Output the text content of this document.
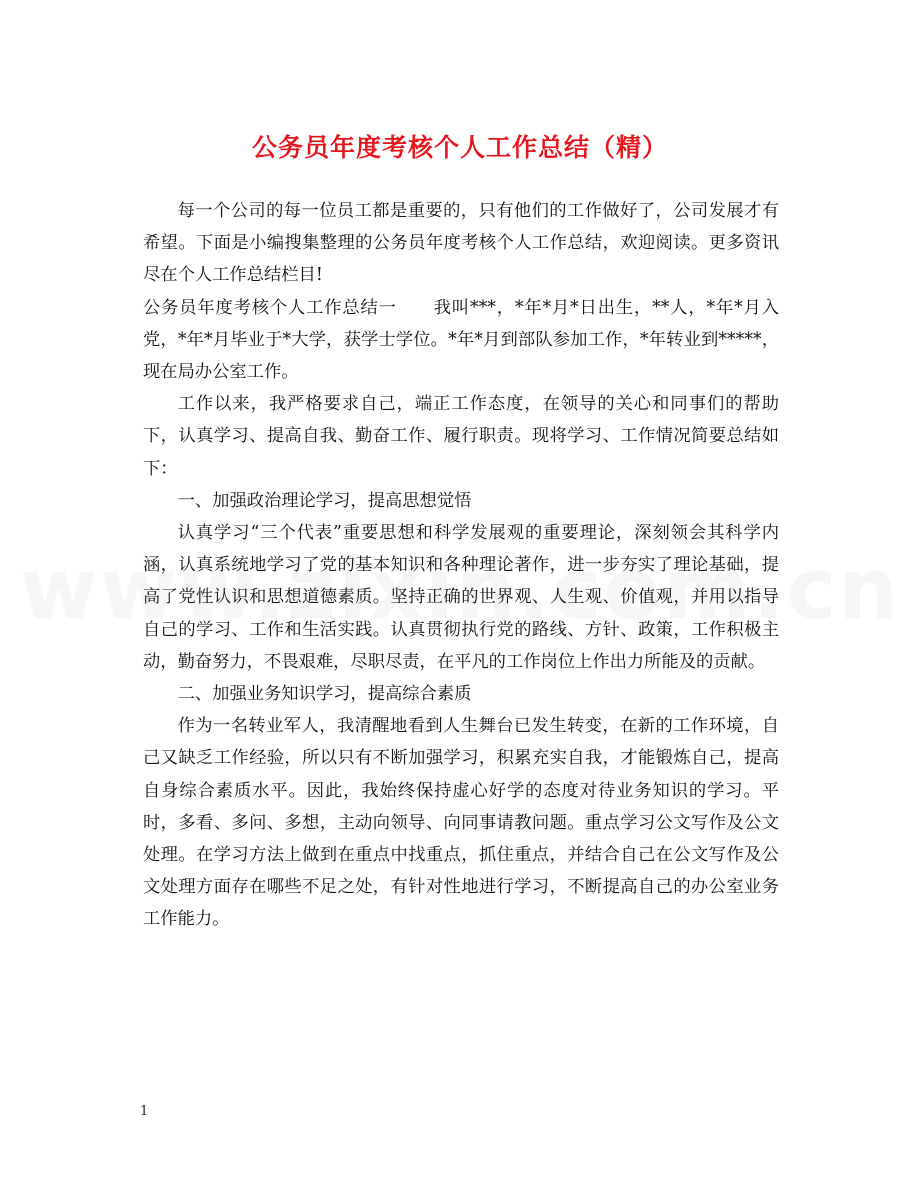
公务员年度考核个人工作总结（精）

每一个公司的每一位员工都是重要的，只有他们的工作做好了，公司发展才有希望。下面是小编搜集整理的公务员年度考核个人工作总结，欢迎阅读。更多资讯尽在个人工作总结栏目!

公务员年度考核个人工作总结一 我叫***，*年*月*日出生，**人，*年*月入党，*年*月毕业于*大学，获学士学位。*年*月到部队参加工作，*年转业到*****，现在局办公室工作。

工作以来，我严格要求自己，端正工作态度，在领导的关心和同事们的帮助下，认真学习、提高自我、勤奋工作、履行职责。现将学习、工作情况简要总结如下：

一、加强政治理论学习，提高思想觉悟

认真学习“三个代表”重要思想和科学发展观的重要理论，深刻领会其科学内涵，认真系统地学习了党的基本知识和各种理论著作，进一步夯实了理论基础，提高了党性认识和思想道德素质。坚持正确的世界观、人生观、价值观，并用以指导自己的学习、工作和生活实践。认真贯彻执行党的路线、方针、政策，工作积极主动，勤奋努力，不畏艰难，尽职尽责，在平凡的工作岗位上作出力所能及的贡献。

二、加强业务知识学习，提高综合素质

作为一名转业军人，我清醒地看到人生舞台已发生转变，在新的工作环境，自己又缺乏工作经验，所以只有不断加强学习，积累充实自我，才能锻炼自己，提高自身综合素质水平。因此，我始终保持虚心好学的态度对待业务知识的学习。平时，多看、多问、多想，主动向领导、向同事请教问题。重点学习公文写作及公文处理。在学习方法上做到在重点中找重点，抓住重点，并结合自己在公文写作及公文处理方面存在哪些不足之处，有针对性地进行学习，不断提高自己的办公室业务工作能力。

1
